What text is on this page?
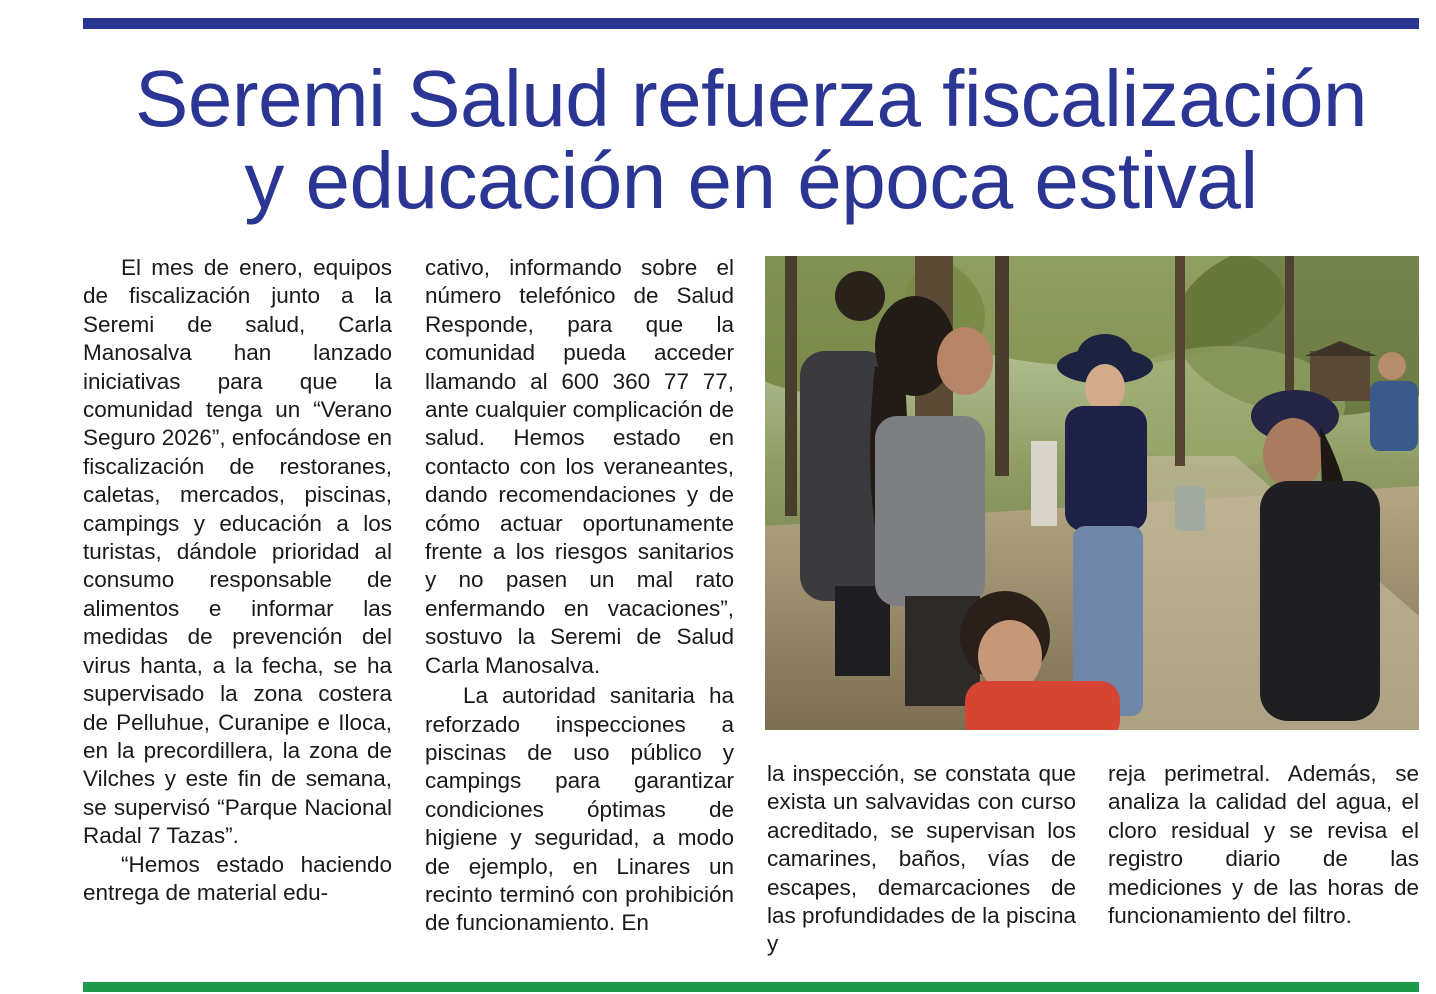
Seremi Salud refuerza fiscalización
y educación en época estival

El mes de enero, equipos de fiscalización junto a la Seremi de salud, Carla Manosalva han lanzado iniciativas para que la comunidad tenga un “Verano Seguro 2026”, enfocándose en fiscalización de restoranes, caletas, mercados, piscinas, campings y educación a los turistas, dándole prioridad al consumo responsable de alimentos e informar las medidas de prevención del virus hanta, a la fecha, se ha supervisado la zona costera de Pelluhue, Curanipe e Iloca, en la precordillera, la zona de Vilches y este fin de semana, se supervisó “Parque Nacional Radal 7 Tazas”.

“Hemos estado haciendo entrega de material edu-

cativo, informando sobre el número telefónico de Salud Responde, para que la comunidad pueda acceder llamando al 600 360 77 77, ante cualquier complicación de salud. Hemos estado en contacto con los veraneantes, dando recomendaciones y de cómo actuar oportunamente frente a los riesgos sanitarios y no pasen un mal rato enfermando en vacaciones”, sostuvo la Seremi de Salud Carla Manosalva.

La autoridad sanitaria ha reforzado inspecciones a piscinas de uso público y campings para garantizar condiciones óptimas de higiene y seguridad, a modo de ejemplo, en Linares un recinto terminó con prohibición de funcionamiento. En

la inspección, se constata que exista un salvavidas con curso acreditado, se supervisan los camarines, baños, vías de escapes, demarcaciones de las profundidades de la piscina y

reja perimetral. Además, se analiza la calidad del agua, el cloro residual y se revisa el registro diario de las mediciones y de las horas de funcionamiento del filtro.
